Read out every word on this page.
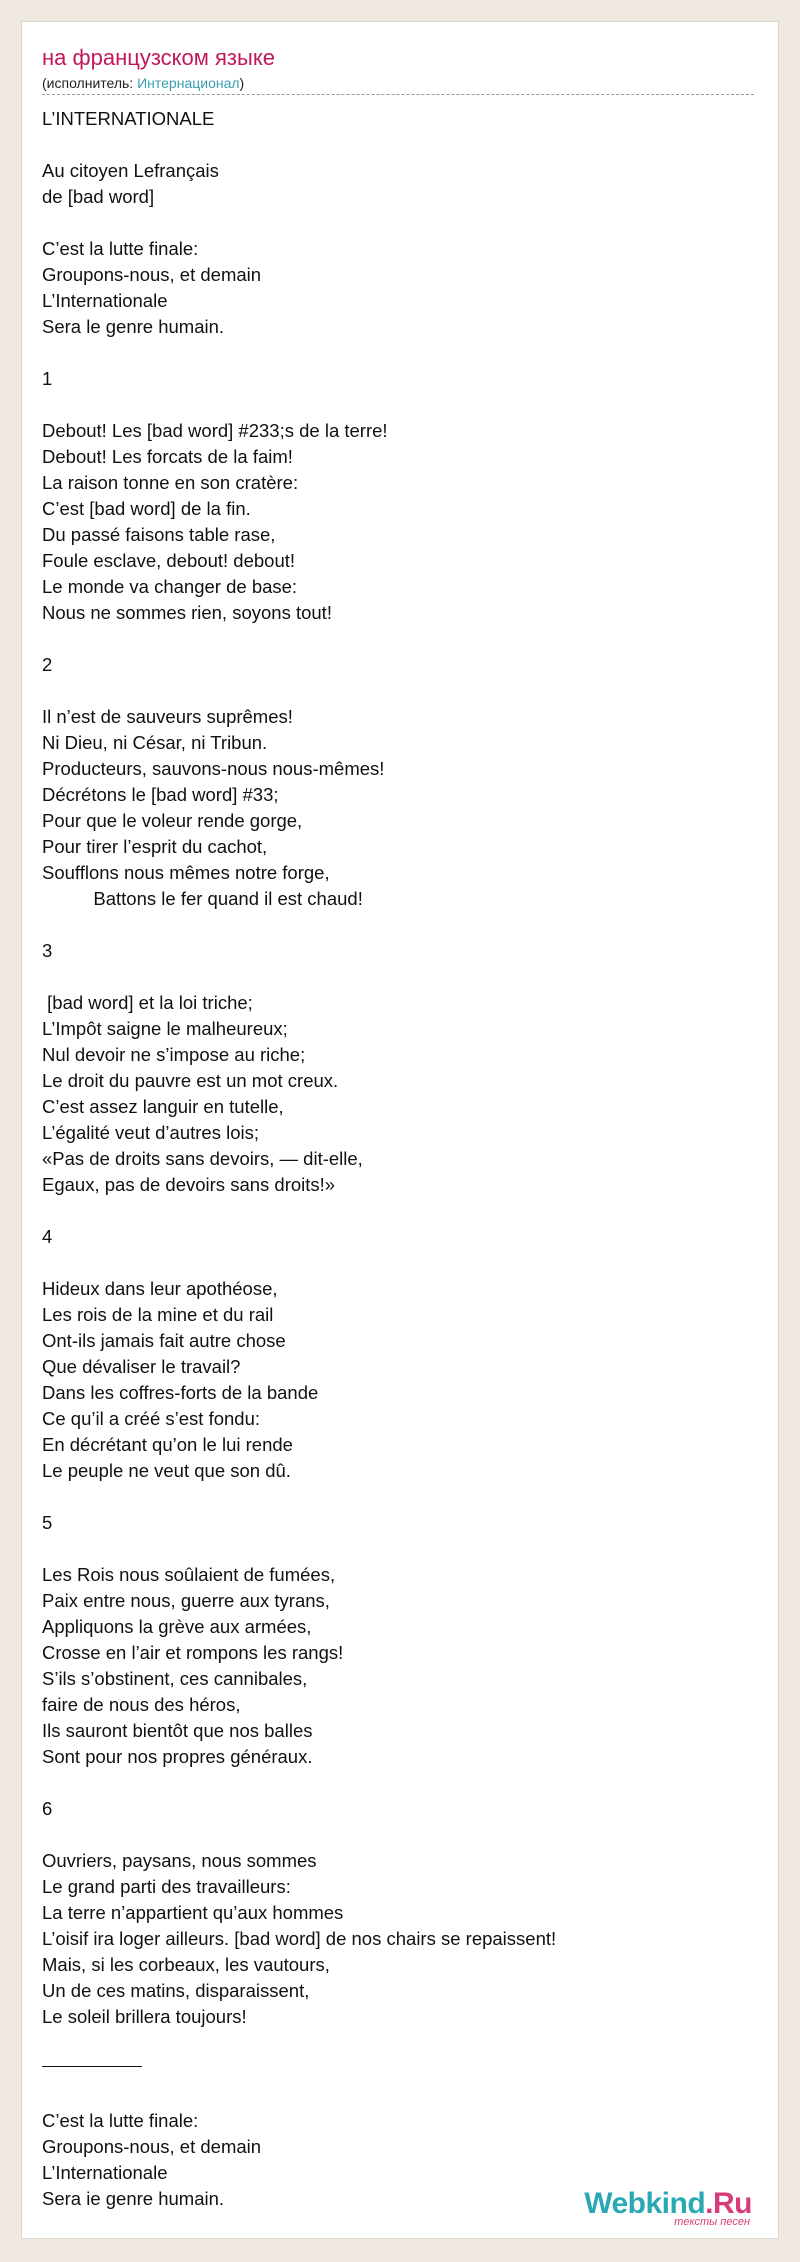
на французском языке
(исполнитель: Интернационал)
L’INTERNATIONALE
Au citoyen Lefrançais
de [bad word]
C’est la lutte finale:
Groupons-nous, et demain
L’Internationale
Sera le genre humain.
1
Debout! Les [bad word] #233;s de la terre!
Debout! Les forcats de la faim!
La raison tonne en son cratère:
C’est [bad word] de la fin.
Du passé faisons table rase,
Foule esclave, debout! debout!
Le monde va changer de base:
Nous ne sommes rien, soyons tout!
2
Il n’est de sauveurs suprêmes!
Ni Dieu, ni César, ni Tribun.
Producteurs, sauvons-nous nous-mêmes!
Décrétons le [bad word] #33;
Pour que le voleur rende gorge,
Pour tirer l’esprit du cachot,
Soufflons nous mêmes notre forge,
Battons le fer quand il est chaud!
3
[bad word] et la loi triche;
L’Impôt saigne le malheureux;
Nul devoir ne s’impose au riche;
Le droit du pauvre est un mot creux.
C’est assez languir en tutelle,
L’égalité veut d’autres lois;
«Pas de droits sans devoirs, — dit-elle,
Egaux, pas de devoirs sans droits!»
4
Hideux dans leur apothéose,
Les rois de la mine et du rail
Ont-ils jamais fait autre chose
Que dévaliser le travail?
Dans les coffres-forts de la bande
Ce qu’il a créé s’est fondu:
En décrétant qu’on le lui rende
Le peuple ne veut que son dû.
5
Les Rois nous soûlaient de fumées,
Paix entre nous, guerre aux tyrans,
Appliquons la grève aux armées,
Crosse en l’air et rompons les rangs!
S’ils s’obstinent, ces cannibales,
faire de nous des héros,
Ils sauront bientôt que nos balles
Sont pour nos propres généraux.
6
Ouvriers, paysans, nous sommes
Le grand parti des travailleurs:
La terre n’appartient qu’aux hommes
L’oisif ira loger ailleurs. [bad word] de nos chairs se repaissent!
Mais, si les corbeaux, les vautours,
Un de ces matins, disparaissent,
Le soleil brillera toujours!
C’est la lutte finale:
Groupons-nous, et demain
L’Internationale
Sera ie genre humain.	Webkind.Ru
тексты песен
